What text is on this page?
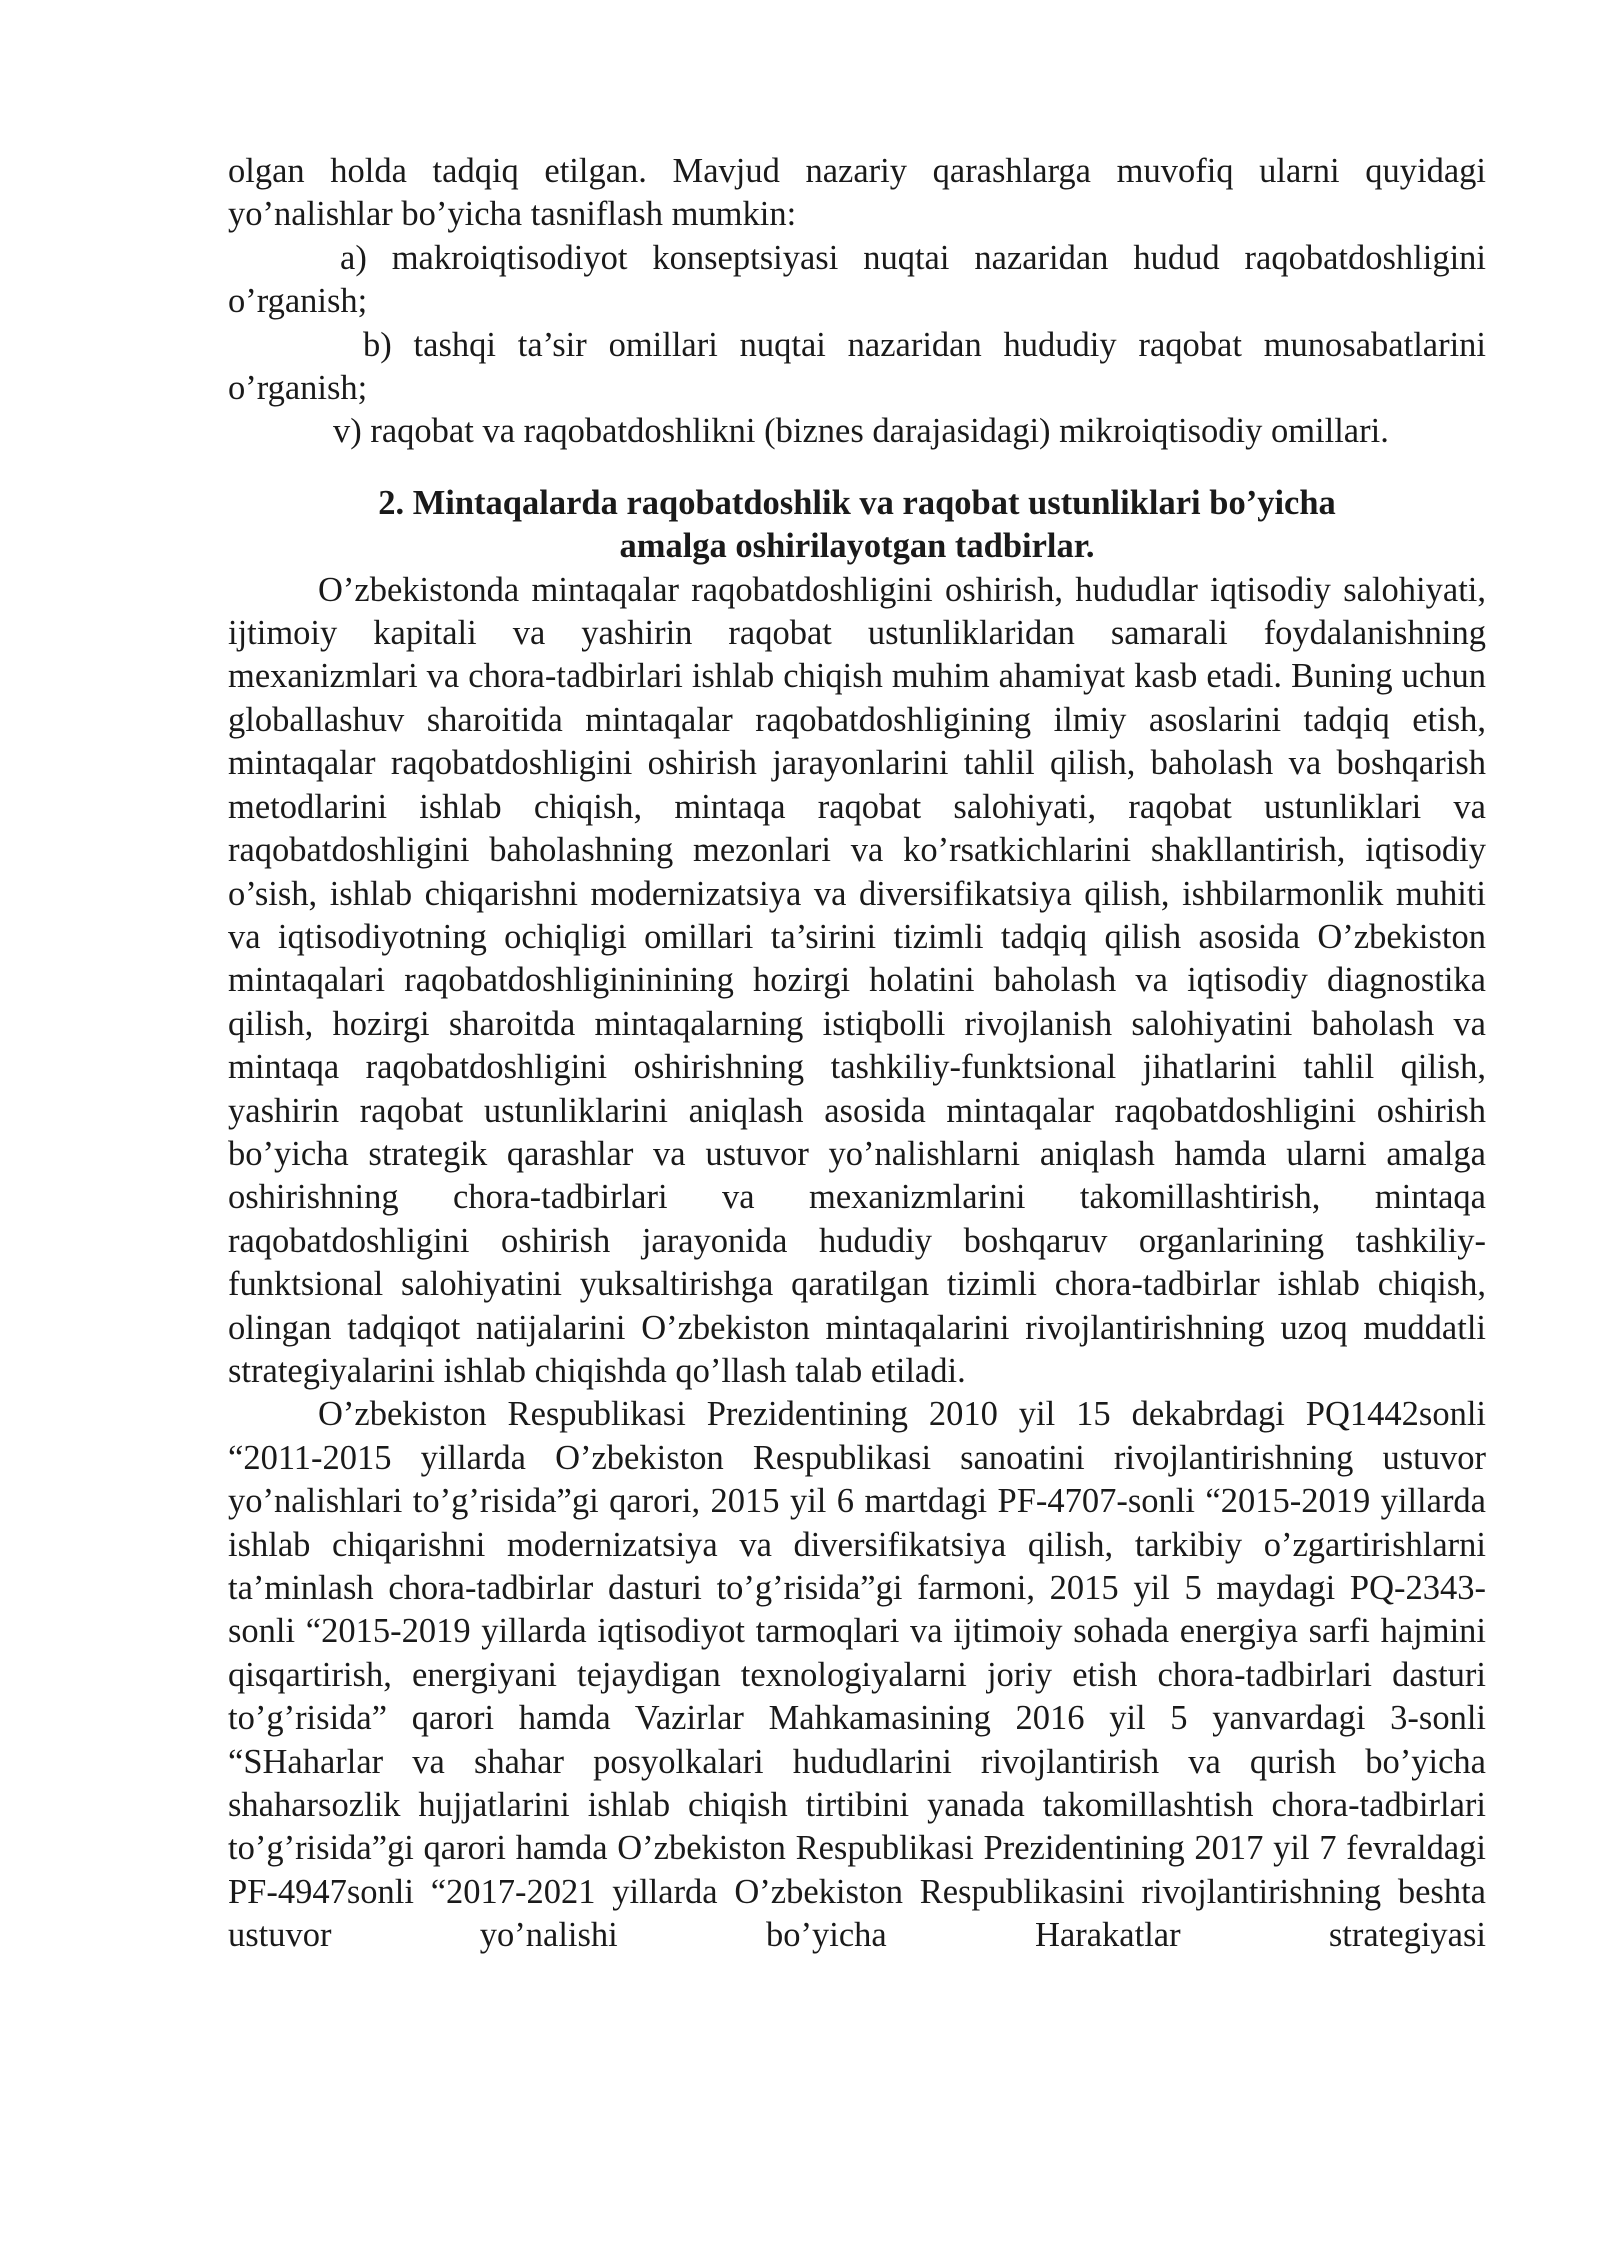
olgan holda tadqiq etilgan. Mavjud nazariy qarashlarga muvofiq ularni quyidagi yo’nalishlar bo’yicha tasniflash mumkin:

a) makroiqtisodiyot konseptsiyasi nuqtai nazaridan hudud raqobatdoshligini o’rganish;

b) tashqi ta’sir omillari nuqtai nazaridan hududiy raqobat munosabatlarini o’rganish;

v) raqobat va raqobatdoshlikni (biznes darajasidagi) mikroiqtisodiy omillari.

2. Mintaqalarda raqobatdoshlik va raqobat ustunliklari bo’yicha
amalga oshirilayotgan tadbirlar.

O’zbekistonda mintaqalar raqobatdoshligini oshirish, hududlar iqtisodiy salohiyati, ijtimoiy kapitali va yashirin raqobat ustunliklaridan samarali foydalanishning mexanizmlari va chora-tadbirlari ishlab chiqish muhim ahamiyat kasb etadi. Buning uchun globallashuv sharoitida mintaqalar raqobatdoshligining ilmiy asoslarini tadqiq etish, mintaqalar raqobatdoshligini oshirish jarayonlarini tahlil qilish, baholash va boshqarish metodlarini ishlab chiqish, mintaqa raqobat salohiyati, raqobat ustunliklari va raqobatdoshligini baholashning mezonlari va ko’rsatkichlarini shakllantirish, iqtisodiy o’sish, ishlab chiqarishni modernizatsiya va diversifikatsiya qilish, ishbilarmonlik muhiti va iqtisodiyotning ochiqligi omillari ta’sirini tizimli tadqiq qilish asosida O’zbekiston mintaqalari raqobatdoshligininining hozirgi holatini baholash va iqtisodiy diagnostika qilish, hozirgi sharoitda mintaqalarning istiqbolli rivojlanish salohiyatini baholash va mintaqa raqobatdoshligini oshirishning tashkiliy-funktsional jihatlarini tahlil qilish, yashirin raqobat ustunliklarini aniqlash asosida mintaqalar raqobatdoshligini oshirish bo’yicha strategik qarashlar va ustuvor yo’nalishlarni aniqlash hamda ularni amalga oshirishning chora-tadbirlari va mexanizmlarini takomillashtirish, mintaqa raqobatdoshligini oshirish jarayonida hududiy boshqaruv organlarining tashkiliy-funktsional salohiyatini yuksaltirishga qaratilgan tizimli chora-tadbirlar ishlab chiqish, olingan tadqiqot natijalarini O’zbekiston mintaqalarini rivojlantirishning uzoq muddatli strategiyalarini ishlab chiqishda qo’llash talab etiladi.

O’zbekiston Respublikasi Prezidentining 2010 yil 15 dekabrdagi PQ1442sonli “2011-2015 yillarda O’zbekiston Respublikasi sanoatini rivojlantirishning ustuvor yo’nalishlari to’g’risida”gi qarori, 2015 yil 6 martdagi PF-4707-sonli “2015-2019 yillarda ishlab chiqarishni modernizatsiya va diversifikatsiya qilish, tarkibiy o’zgartirishlarni ta’minlash chora-tadbirlar dasturi to’g’risida”gi farmoni, 2015 yil 5 maydagi PQ-2343-sonli “2015-2019 yillarda iqtisodiyot tarmoqlari va ijtimoiy sohada energiya sarfi hajmini qisqartirish, energiyani tejaydigan texnologiyalarni joriy etish chora-tadbirlari dasturi to’g’risida” qarori hamda Vazirlar Mahkamasining 2016 yil 5 yanvardagi 3-sonli “SHaharlar va shahar posyolkalari hududlarini rivojlantirish va qurish bo’yicha shaharsozlik hujjatlarini ishlab chiqish tirtibini yanada takomillashtish chora-tadbirlari to’g’risida”gi qarori hamda O’zbekiston Respublikasi Prezidentining 2017 yil 7 fevraldagi PF-4947sonli “2017-2021 yillarda O’zbekiston Respublikasini rivojlantirishning beshta ustuvor yo’nalishi bo’yicha Harakatlar strategiyasi
